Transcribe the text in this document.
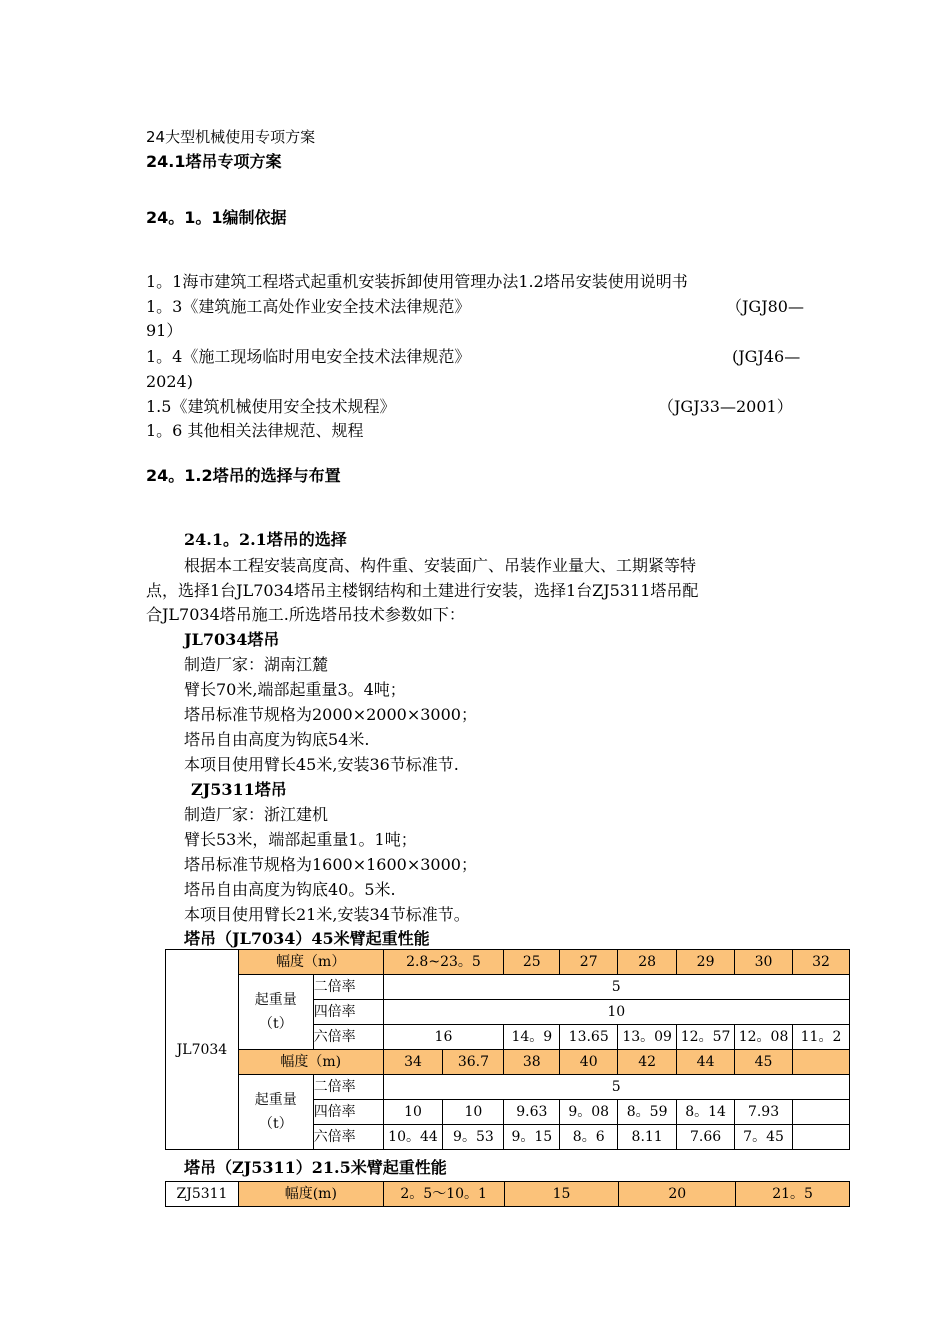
24大型机械使用专项方案
24.1塔吊专项方案
24。1。1编制依据
1。1海市建筑工程塔式起重机安装拆卸使用管理办法1.2塔吊安装使用说明书
1。3《建筑施工高处作业安全技术法律规范》	（JGJ80—
91）
1。4《施工现场临时用电安全技术法律规范》	(JGJ46—
2024)
1.5《建筑机械使用安全技术规程》	（JGJ33—2001）
1。6 其他相关法律规范、规程
24。1.2塔吊的选择与布置
24.1。2.1塔吊的选择
根据本工程安装高度高、构件重、安装面广、吊装作业量大、工期紧等特
点，选择1台JL7034塔吊主楼钢结构和土建进行安装，选择1台ZJ5311塔吊配
合JL7034塔吊施工.所选塔吊技术参数如下：
JL7034塔吊
制造厂家：湖南江麓
臂长70米,端部起重量3。4吨；
塔吊标准节规格为2000×2000×3000；
塔吊自由高度为钩底54米.
本项目使用臂长45米,安装36节标准节.
ZJ5311塔吊
制造厂家：浙江建机
臂长53米，端部起重量1。1吨；
塔吊标准节规格为1600×1600×3000；
塔吊自由高度为钩底40。5米.
本项目使用臂长21米,安装34节标准节。
塔吊（JL7034）45米臂起重性能
JL7034	幅度（m）		2.8~23。5		25	27	28	29	30	32

	起重量
（t）	二倍率	5							
		四倍率	10							
		六倍率	16		14。9	13.65	13。09	12。57	12。08	11。2
	幅度（m)		34	36.7	38	40	42	44	45	

	起重量
（t）	二倍率	5							
		四倍率	10	10	9.63	9。08	8。59	8。14	7.93	
		六倍率	10。44	9。53	9。15	8。6	8.11	7.66	7。45	
塔吊（ZJ5311）21.5米臂起重性能
ZJ5311	幅度(m)	2。5～10。1	15	20	21。5
